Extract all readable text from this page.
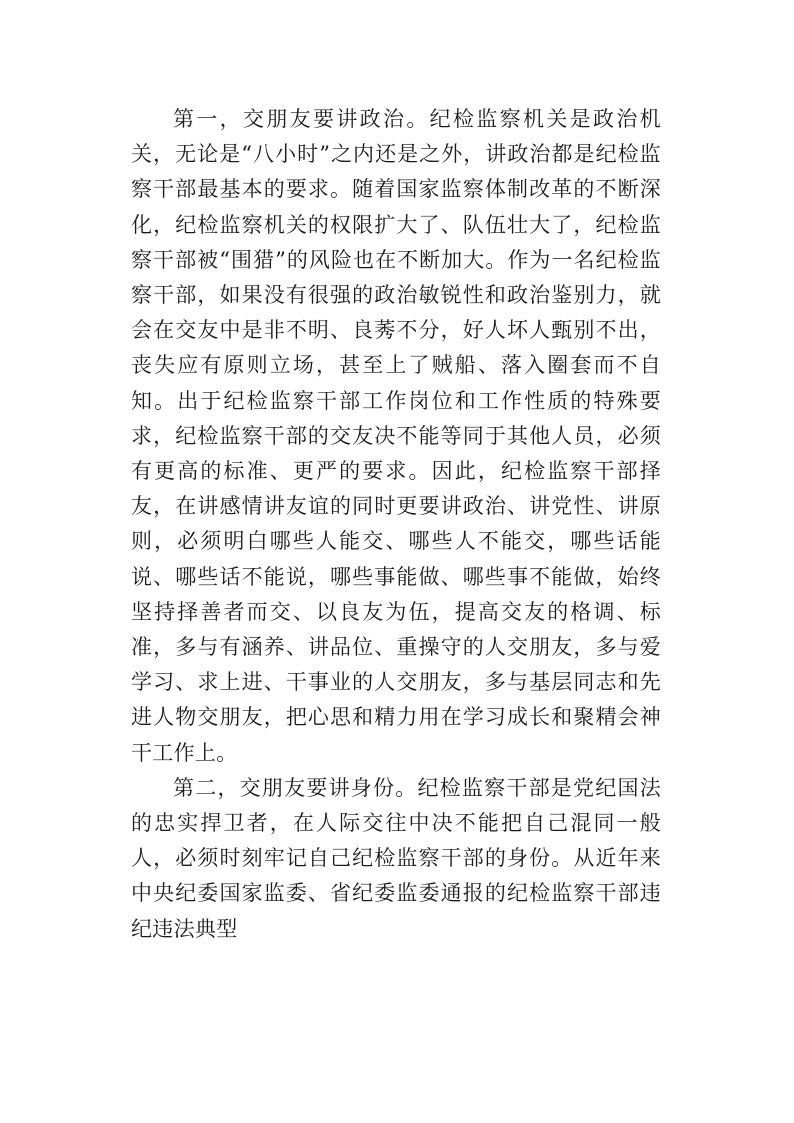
第一，交朋友要讲政治。纪检监察机关是政治机关，无论是“八小时”之内还是之外，讲政治都是纪检监察干部最基本的要求。随着国家监察体制改革的不断深化，纪检监察机关的权限扩大了、队伍壮大了，纪检监察干部被“围猎”的风险也在不断加大。作为一名纪检监察干部，如果没有很强的政治敏锐性和政治鉴别力，就会在交友中是非不明、良莠不分，好人坏人甄别不出，丧失应有原则立场，甚至上了贼船、落入圈套而不自知。出于纪检监察干部工作岗位和工作性质的特殊要求，纪检监察干部的交友决不能等同于其他人员，必须有更高的标准、更严的要求。因此，纪检监察干部择友，在讲感情讲友谊的同时更要讲政治、讲党性、讲原则，必须明白哪些人能交、哪些人不能交，哪些话能说、哪些话不能说，哪些事能做、哪些事不能做，始终坚持择善者而交、以良友为伍，提高交友的格调、标准，多与有涵养、讲品位、重操守的人交朋友，多与爱学习、求上进、干事业的人交朋友，多与基层同志和先进人物交朋友，把心思和精力用在学习成长和聚精会神干工作上。

第二，交朋友要讲身份。纪检监察干部是党纪国法的忠实捍卫者，在人际交往中决不能把自己混同一般人，必须时刻牢记自己纪检监察干部的身份。从近年来中央纪委国家监委、省纪委监委通报的纪检监察干部违纪违法典型
